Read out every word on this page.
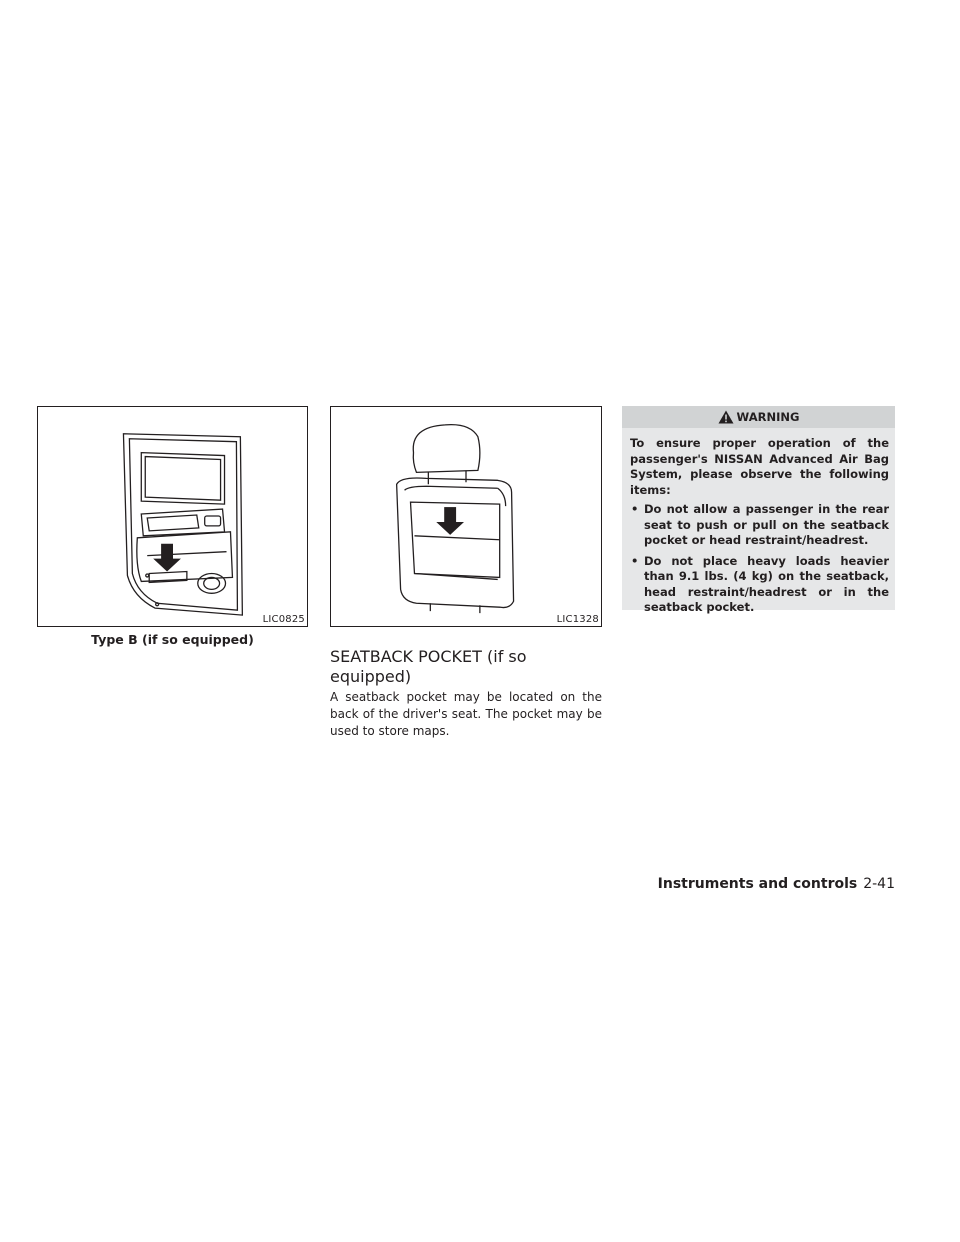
LIC0825
Type B (if so equipped)
LIC1328
SEATBACK POCKET (if so equipped)

A seatback pocket may be located on the back of the driver's seat. The pocket may be used to store maps.

WARNING

To ensure proper operation of the passenger's NISSAN Advanced Air Bag System, please observe the following items:

• Do not allow a passenger in the rear seat to push or pull on the seatback pocket or head restraint/headrest.
• Do not place heavy loads heavier than 9.1 lbs. (4 kg) on the seatback, head restraint/headrest or in the seatback pocket.
Instruments and controls 2-41
